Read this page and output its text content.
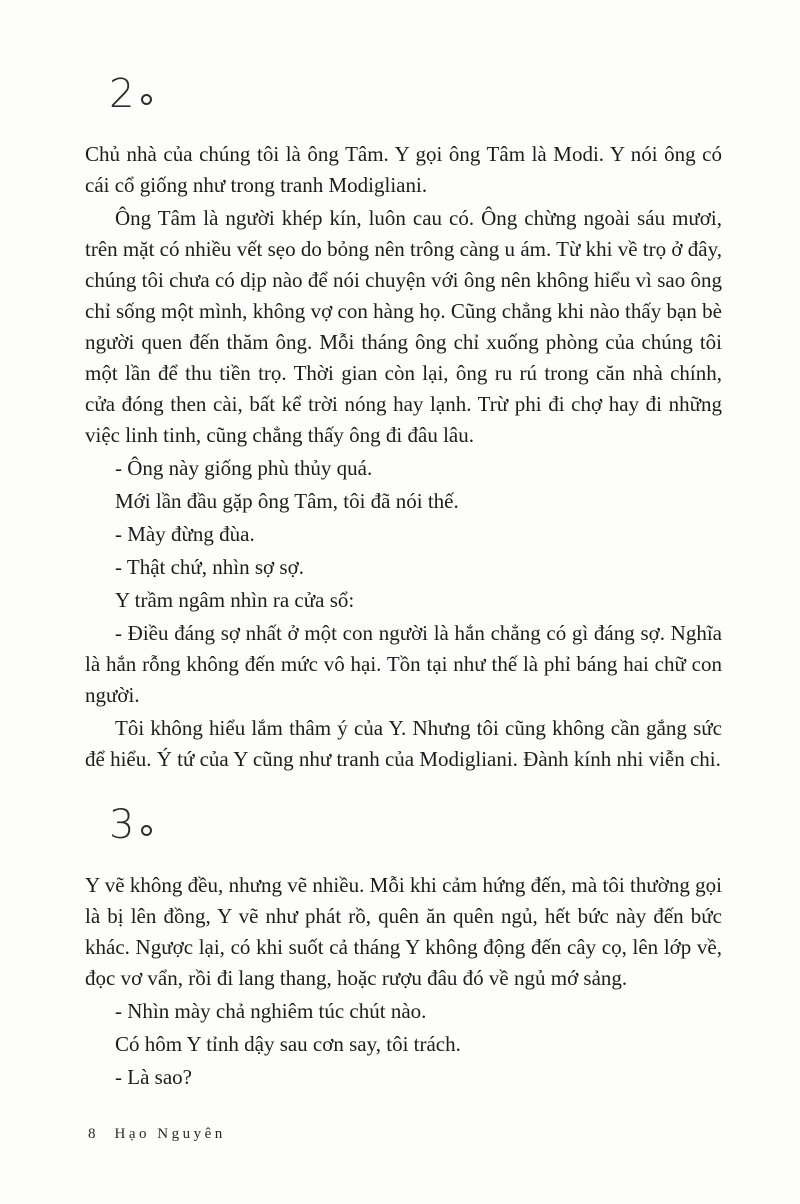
2

Chủ nhà của chúng tôi là ông Tâm. Y gọi ông Tâm là Modi. Y nói ông có cái cổ giống như trong tranh Modigliani.

Ông Tâm là người khép kín, luôn cau có. Ông chừng ngoài sáu mươi, trên mặt có nhiều vết sẹo do bỏng nên trông càng u ám. Từ khi về trọ ở đây, chúng tôi chưa có dịp nào để nói chuyện với ông nên không hiểu vì sao ông chỉ sống một mình, không vợ con hàng họ. Cũng chẳng khi nào thấy bạn bè người quen đến thăm ông. Mỗi tháng ông chỉ xuống phòng của chúng tôi một lần để thu tiền trọ. Thời gian còn lại, ông ru rú trong căn nhà chính, cửa đóng then cài, bất kể trời nóng hay lạnh. Trừ phi đi chợ hay đi những việc linh tinh, cũng chẳng thấy ông đi đâu lâu.

- Ông này giống phù thủy quá.

Mới lần đầu gặp ông Tâm, tôi đã nói thế.

- Mày đừng đùa.

- Thật chứ, nhìn sợ sợ.

Y trầm ngâm nhìn ra cửa sổ:

- Điều đáng sợ nhất ở một con người là hắn chẳng có gì đáng sợ. Nghĩa là hắn rỗng không đến mức vô hại. Tồn tại như thế là phỉ báng hai chữ con người.

Tôi không hiểu lắm thâm ý của Y. Nhưng tôi cũng không cần gắng sức để hiểu. Ý tứ của Y cũng như tranh của Modigliani. Đành kính nhi viễn chi.

3

Y vẽ không đều, nhưng vẽ nhiều. Mỗi khi cảm hứng đến, mà tôi thường gọi là bị lên đồng, Y vẽ như phát rồ, quên ăn quên ngủ, hết bức này đến bức khác. Ngược lại, có khi suốt cả tháng Y không động đến cây cọ, lên lớp về, đọc vơ vẩn, rồi đi lang thang, hoặc rượu đâu đó về ngủ mớ sảng.

- Nhìn mày chả nghiêm túc chút nào.

Có hôm Y tỉnh dậy sau cơn say, tôi trách.

- Là sao?

8 Hạo Nguyên
